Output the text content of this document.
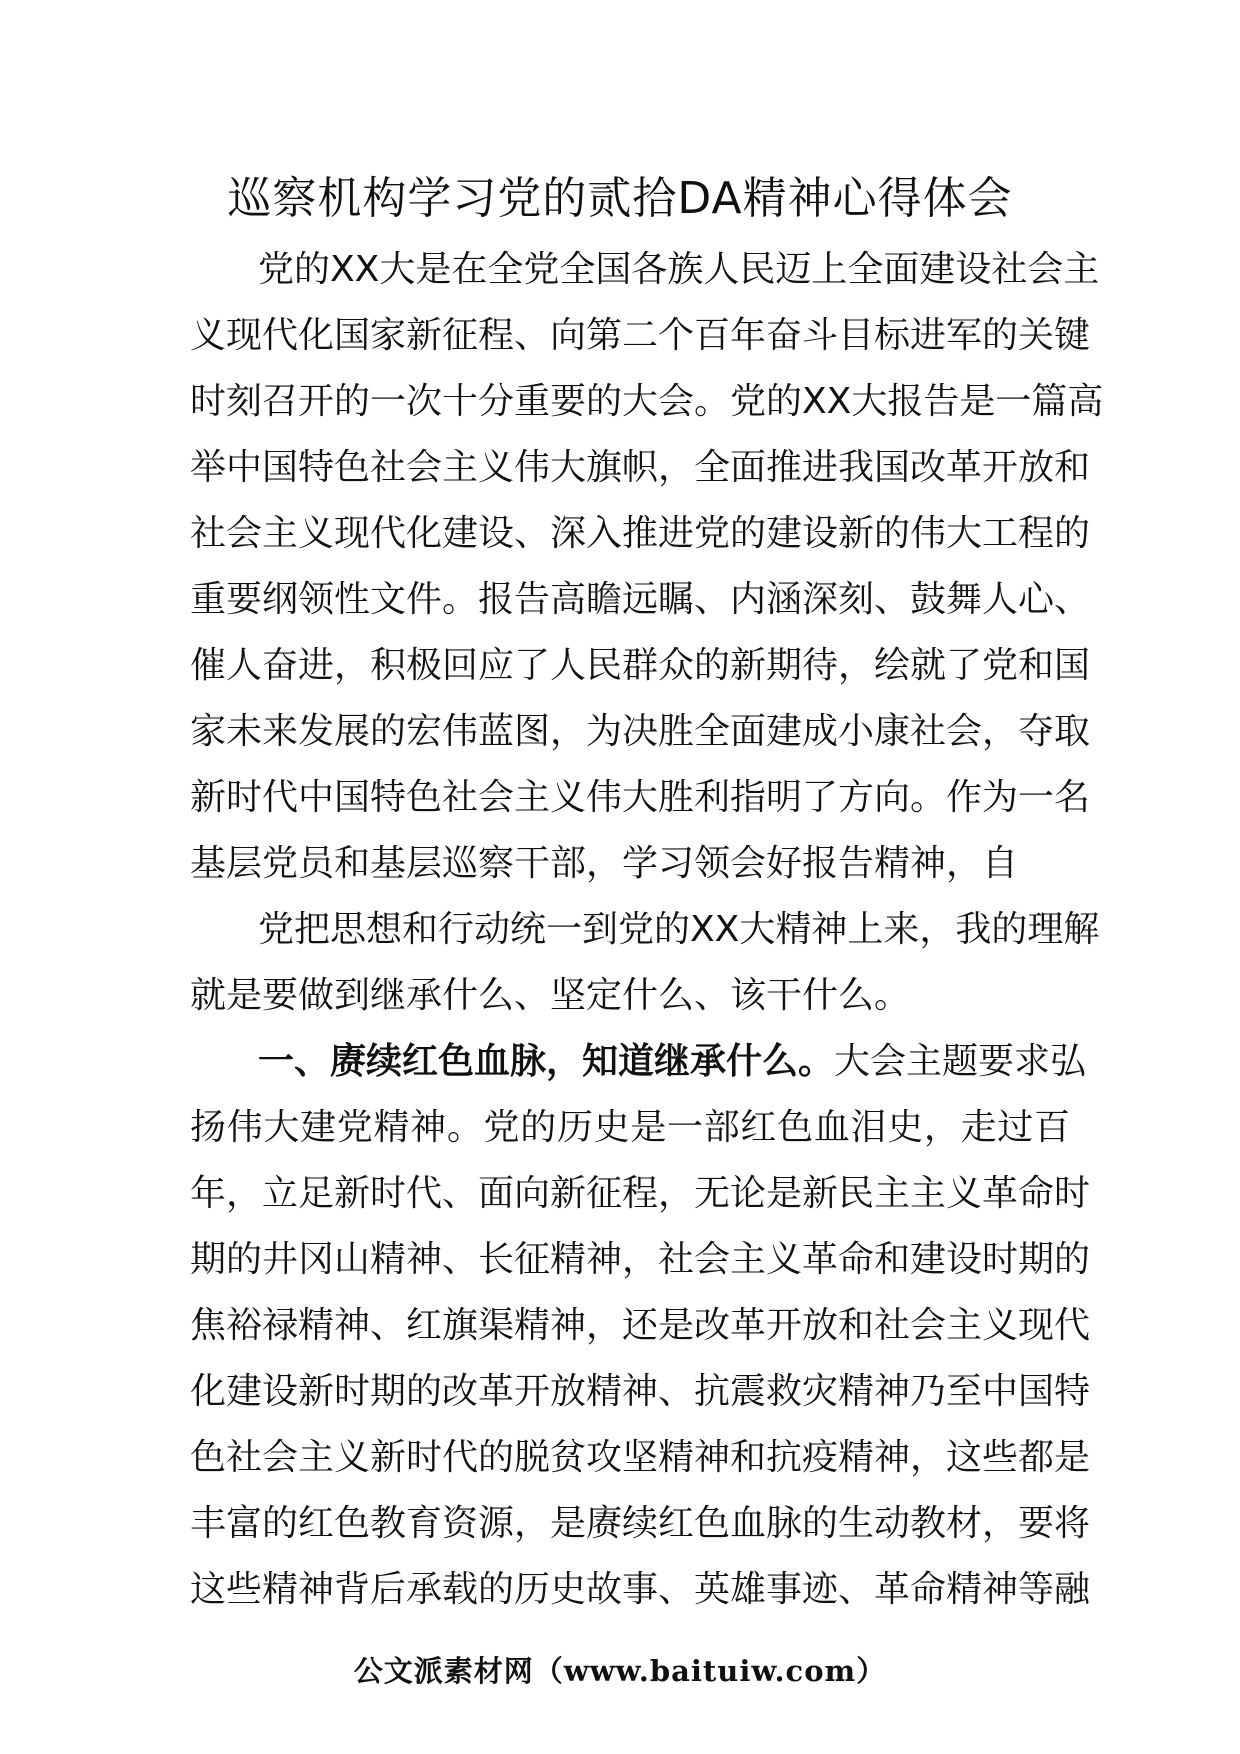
巡察机构学习党的贰拾DA精神心得体会
党的XX大是在全党全国各族人民迈上全面建设社会主
义现代化国家新征程、向第二个百年奋斗目标进军的关键
时刻召开的一次十分重要的大会。党的XX大报告是一篇高
举中国特色社会主义伟大旗帜，全面推进我国改革开放和
社会主义现代化建设、深入推进党的建设新的伟大工程的
重要纲领性文件。报告高瞻远瞩、内涵深刻、鼓舞人心、
催人奋进，积极回应了人民群众的新期待，绘就了党和国
家未来发展的宏伟蓝图，为决胜全面建成小康社会，夺取
新时代中国特色社会主义伟大胜利指明了方向。作为一名
基层党员和基层巡察干部，学习领会好报告精神，自
党把思想和行动统一到党的XX大精神上来，我的理解
就是要做到继承什么、坚定什么、该干什么。
一、赓续红色血脉，知道继承什么。大会主题要求弘
扬伟大建党精神。党的历史是一部红色血泪史，走过百
年，立足新时代、面向新征程，无论是新民主主义革命时
期的井冈山精神、长征精神，社会主义革命和建设时期的
焦裕禄精神、红旗渠精神，还是改革开放和社会主义现代
化建设新时期的改革开放精神、抗震救灾精神乃至中国特
色社会主义新时代的脱贫攻坚精神和抗疫精神，这些都是
丰富的红色教育资源，是赓续红色血脉的生动教材，要将
这些精神背后承载的历史故事、英雄事迹、革命精神等融
公文派素材网（www.baituiw.com）
